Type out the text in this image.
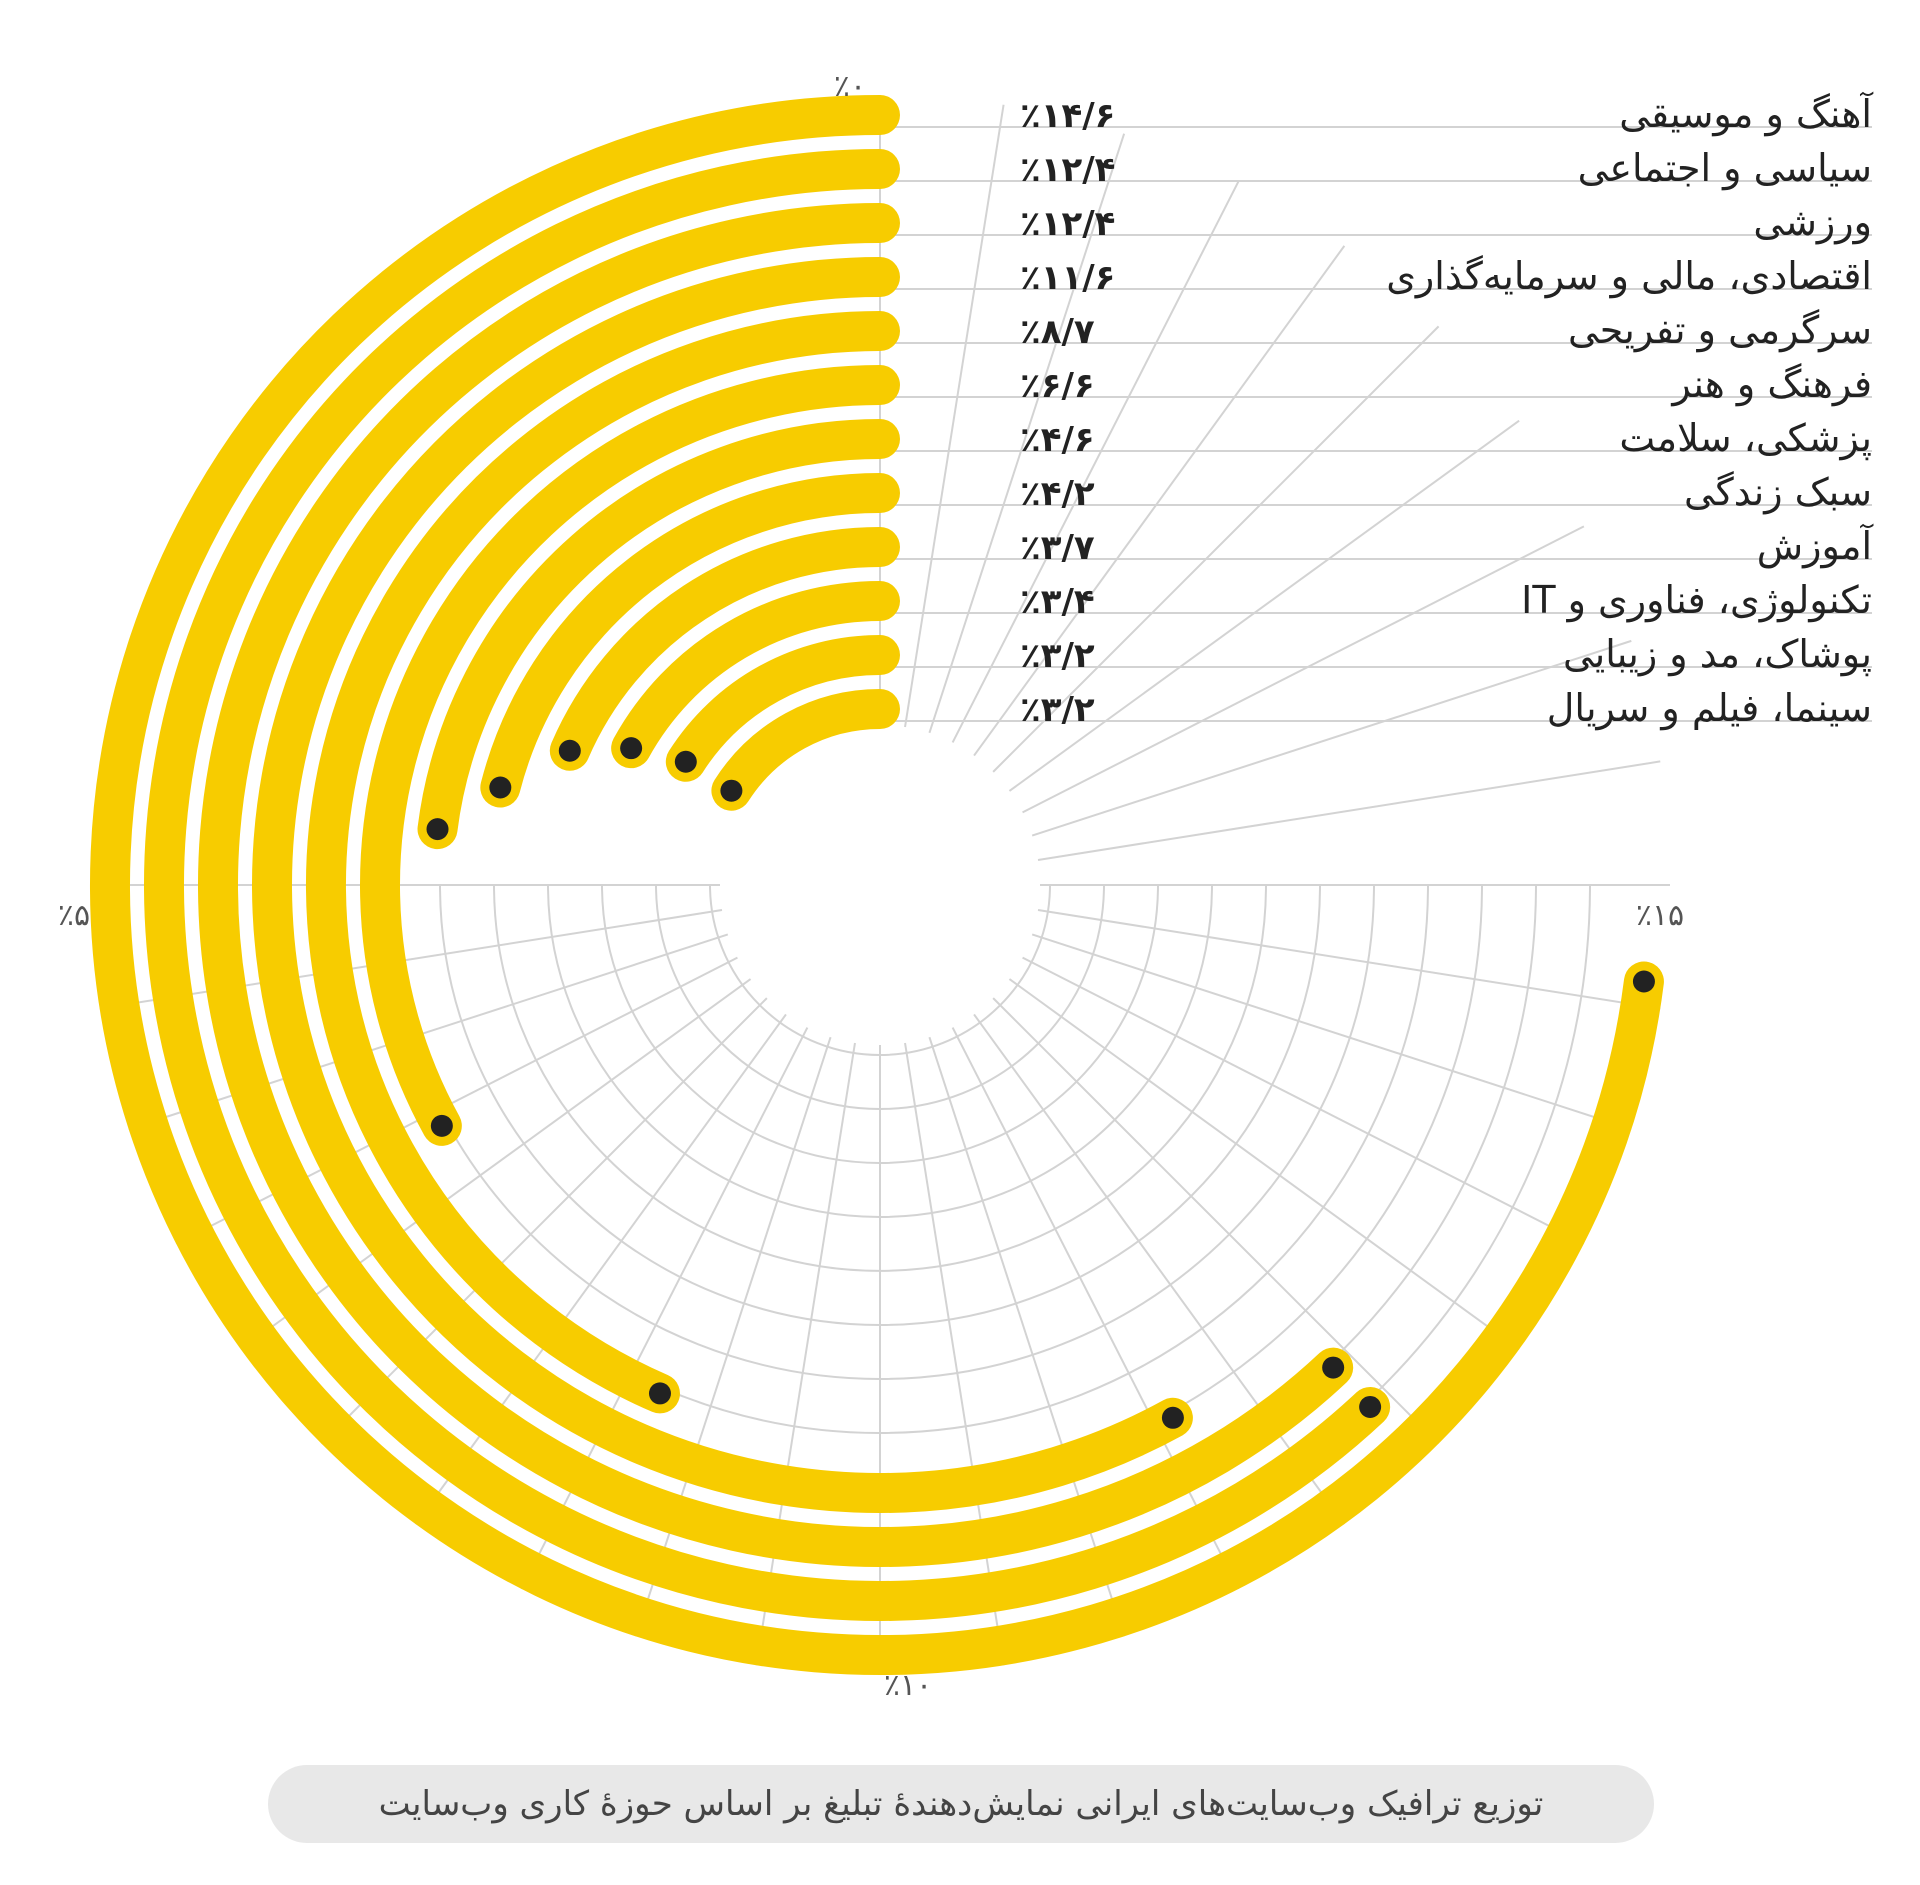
٪۱۴/۶	آهنگ و موسیقی
٪۱۲/۴	سیاسی و اجتماعی
٪۱۲/۴	ورزشی
٪۱۱/۶	اقتصادی، مالی و سرمایه‌گذاری
٪۸/۷	سرگرمی و تفریحی
٪۶/۶	فرهنگ و هنر
٪۴/۶	پزشکی، سلامت
٪۴/۲	سبک زندگی
٪۳/۷	آموزش
٪۳/۴	تکنولوژی، فناوری و IT
٪۳/۲	پوشاک، مد و زیبایی
٪۳/۲	سینما، فیلم و سریال
٪۰
٪۵
٪۱۰
٪۱۵
توزیع ترافیک وب‌سایت‌های ایرانی نمایش‌دهندهٔ تبلیغ بر اساس حوزهٔ کاری وب‌سایت
